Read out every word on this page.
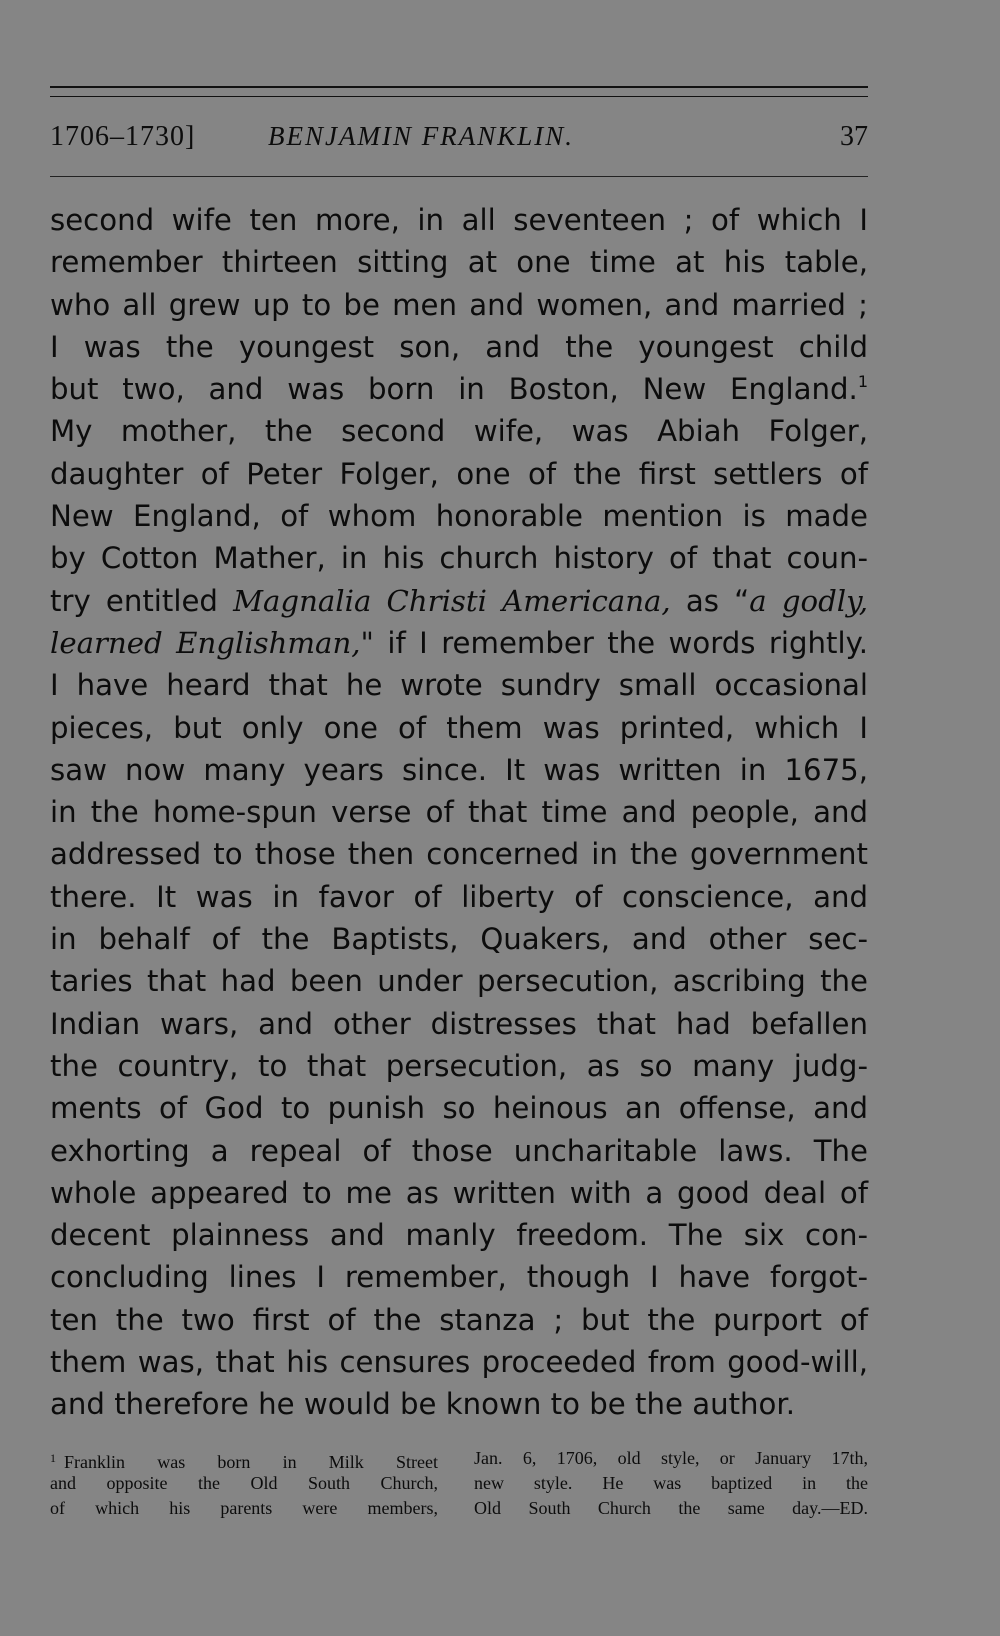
1706–1730]	BENJAMIN FRANKLIN.	37
second wife ten more, in all seventeen ; of which I
remember thirteen sitting at one time at his table,
who all grew up to be men and women, and married ;
I was the youngest son, and the youngest child
but two, and was born in Boston, New England.$^1$
My mother, the second wife, was Abiah Folger,
daughter of Peter Folger, one of the first settlers of
New England, of whom honorable mention is made
by Cotton Mather, in his church history of that coun-
try entitled Magnalia Christi Americana, as “a godly,
learned Englishman," if I remember the words rightly.
I have heard that he wrote sundry small occasional
pieces, but only one of them was printed, which I
saw now many years since. It was written in 1675,
in the home-spun verse of that time and people, and
addressed to those then concerned in the government
there. It was in favor of liberty of conscience, and
in behalf of the Baptists, Quakers, and other sec-
taries that had been under persecution, ascribing the
Indian wars, and other distresses that had befallen
the country, to that persecution, as so many judg-
ments of God to punish so heinous an offense, and
exhorting a repeal of those uncharitable laws. The
whole appeared to me as written with a good deal of
decent plainness and manly freedom. The six con-
concluding lines I remember, though I have forgot-
ten the two first of the stanza ; but the purport of
them was, that his censures proceeded from good-will,
and therefore he would be known to be the author.
$^1$ Franklin was born in Milk Street
and opposite the Old South Church,
of which his parents were members,
Jan. 6, 1706, old style, or January 17th,
new style. He was baptized in the
Old South Church the same day.—ED.
